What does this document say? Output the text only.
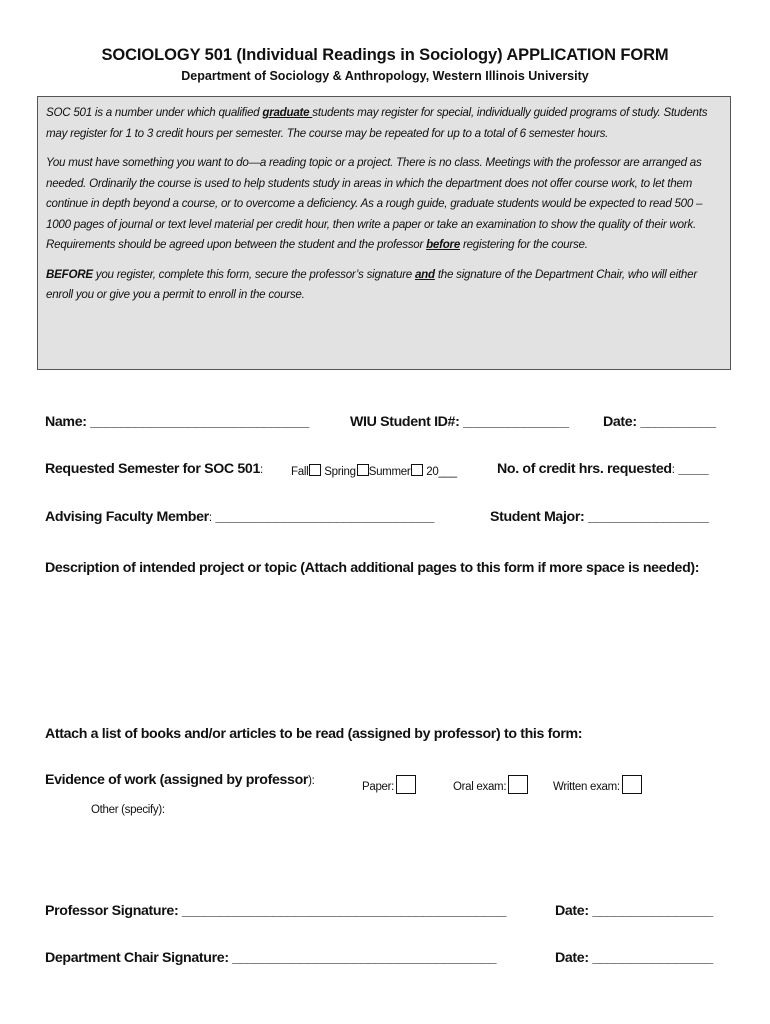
SOCIOLOGY 501 (Individual Readings in Sociology) APPLICATION FORM
Department of Sociology & Anthropology, Western Illinois University

SOC 501 is a number under which qualified graduate students may register for special, individually guided programs of study. Students may register for 1 to 3 credit hours per semester. The course may be repeated for up to a total of 6 semester hours.

You must have something you want to do—a reading topic or a project. There is no class. Meetings with the professor are arranged as needed. Ordinarily the course is used to help students study in areas in which the department does not offer course work, to let them continue in depth beyond a course, or to overcome a deficiency. As a rough guide, graduate students would be expected to read 500 – 1000 pages of journal or text level material per credit hour, then write a paper or take an examination to show the quality of their work. Requirements should be agreed upon between the student and the professor before registering for the course.

BEFORE you register, complete this form, secure the professor’s signature and the signature of the Department Chair, who will either enroll you or give you a permit to enroll in the course.

Name: _____________________________	WIU Student ID#: ______________ Date: __________
Requested Semester for SOC 501: Fall Spring Summer 20___	No. of credit hrs. requested: ____
Advising Faculty Member: _____________________________	Student Major: ________________
Description of intended project or topic (Attach additional pages to this form if more space is needed):
Attach a list of books and/or articles to be read (assigned by professor) to this form:
Evidence of work (assigned by professor):	Paper:	Oral exam:	Written exam:
Other (specify):
Professor Signature: ___________________________________________	Date: ________________
Department Chair Signature: ___________________________________	Date: ________________
